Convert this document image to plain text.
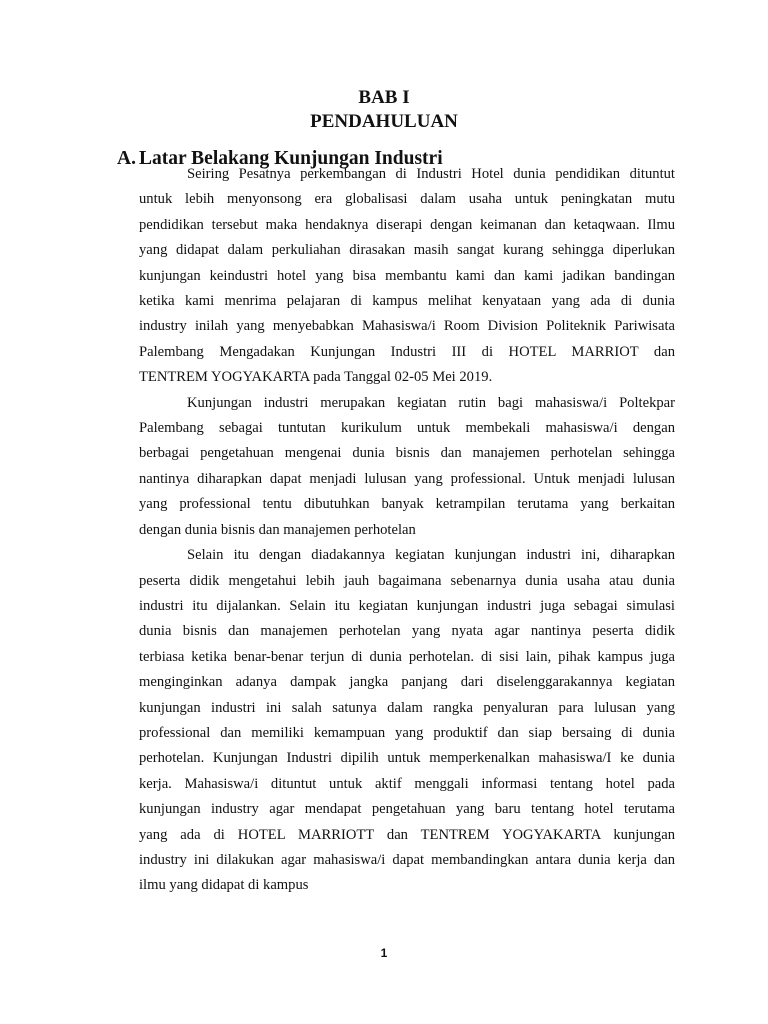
BAB I
PENDAHULUAN
A. Latar Belakang Kunjungan Industri

Seiring Pesatnya perkembangan di Industri Hotel dunia pendidikan dituntut
untuk lebih menyonsong era globalisasi dalam usaha untuk peningkatan mutu
pendidikan tersebut maka hendaknya diserapi dengan keimanan dan ketaqwaan. Ilmu
yang didapat dalam perkuliahan dirasakan masih sangat kurang sehingga diperlukan
kunjungan keindustri hotel yang bisa membantu kami dan kami jadikan bandingan
ketika kami menrima pelajaran di kampus melihat kenyataan yang ada di dunia
industry inilah yang menyebabkan Mahasiswa/i Room Division Politeknik Pariwisata
Palembang Mengadakan Kunjungan Industri III di HOTEL MARRIOT dan
TENTREM YOGYAKARTA pada Tanggal 02-05 Mei 2019.

Kunjungan industri merupakan kegiatan rutin bagi mahasiswa/i Poltekpar
Palembang sebagai tuntutan kurikulum untuk membekali mahasiswa/i dengan
berbagai pengetahuan mengenai dunia bisnis dan manajemen perhotelan sehingga
nantinya diharapkan dapat menjadi lulusan yang professional. Untuk menjadi lulusan
yang professional tentu dibutuhkan banyak ketrampilan terutama yang berkaitan
dengan dunia bisnis dan manajemen perhotelan

Selain itu dengan diadakannya kegiatan kunjungan industri ini, diharapkan
peserta didik mengetahui lebih jauh bagaimana sebenarnya dunia usaha atau dunia
industri itu dijalankan. Selain itu kegiatan kunjungan industri juga sebagai simulasi
dunia bisnis dan manajemen perhotelan yang nyata agar nantinya peserta didik
terbiasa ketika benar-benar terjun di dunia perhotelan. di sisi lain, pihak kampus juga
menginginkan adanya dampak jangka panjang dari diselenggarakannya kegiatan
kunjungan industri ini salah satunya dalam rangka penyaluran para lulusan yang
professional dan memiliki kemampuan yang produktif dan siap bersaing di dunia
perhotelan. Kunjungan Industri dipilih untuk memperkenalkan mahasiswa/I ke dunia
kerja. Mahasiswa/i dituntut untuk aktif menggali informasi tentang hotel pada
kunjungan industry agar mendapat pengetahuan yang baru tentang hotel terutama
yang ada di HOTEL MARRIOTT dan TENTREM YOGYAKARTA kunjungan
industry ini dilakukan agar mahasiswa/i dapat membandingkan antara dunia kerja dan
ilmu yang didapat di kampus

1
